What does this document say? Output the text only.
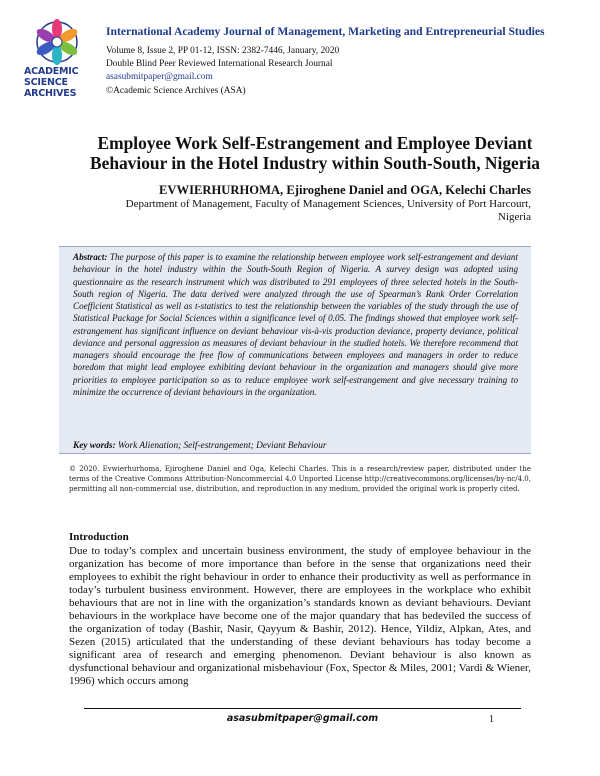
ACADEMIC
SCIENCE
ARCHIVES
International Academy Journal of Management, Marketing and Entrepreneurial Studies
Volume 8, Issue 2, PP 01-12, ISSN: 2382-7446, January, 2020
Double Blind Peer Reviewed International Research Journal
asasubmitpaper@gmail.com
©Academic Science Archives (ASA)
Employee Work Self-Estrangement and Employee Deviant
Behaviour in the Hotel Industry within South-South, Nigeria
EVWIERHURHOMA, Ejiroghene Daniel and OGA, Kelechi Charles
Department of Management, Faculty of Management Sciences, University of Port Harcourt,
Nigeria
Abstract: The purpose of this paper is to examine the relationship between employee work self-estrangement and deviant behaviour in the hotel industry within the South-South Region of Nigeria. A survey design was adopted using questionnaire as the research instrument which was distributed to 291 employees of three selected hotels in the South-South region of Nigeria. The data derived were analyzed through the use of Spearman’s Rank Order Correlation Coefficient Statistical as well as t-statistics to test the relationship between the variables of the study through the use of Statistical Package for Social Sciences within a significance level of 0.05. The findings showed that employee work self-estrangement has significant influence on deviant behaviour vis-à-vis production deviance, property deviance, political deviance and personal aggression as measures of deviant behaviour in the studied hotels. We therefore recommend that managers should encourage the free flow of communications between employees and managers in order to reduce boredom that might lead employee exhibiting deviant behaviour in the organization and managers should give more priorities to employee participation so as to reduce employee work self-estrangement and give necessary training to minimize the occurrence of deviant behaviours in the organization.
Key words: Work Alienation; Self-estrangement; Deviant Behaviour
© 2020. Evwierhurhoma, Ejiroghene Daniel and Oga, Kelechi Charles. This is a research/review paper, distributed under the terms of the Creative Commons Attribution-Noncommercial 4.0 Unported License http://creativecommons.org/licenses/by-nc/4.0, permitting all non-commercial use, distribution, and reproduction in any medium, provided the original work is properly cited.
Introduction
Due to today’s complex and uncertain business environment, the study of employee behaviour in the organization has become of more importance than before in the sense that organizations need their employees to exhibit the right behaviour in order to enhance their productivity as well as performance in today’s turbulent business environment. However, there are employees in the workplace who exhibit behaviours that are not in line with the organization’s standards known as deviant behaviours. Deviant behaviours in the workplace have become one of the major quandary that has bedeviled the success of the organization of today (Bashir, Nasir, Qayyum & Bashir, 2012). Hence, Yildiz, Alpkan, Ates, and Sezen (2015) articulated that the understanding of these deviant behaviours has today become a significant area of research and emerging phenomenon. Deviant behaviour is also known as dysfunctional behaviour and organizational misbehaviour (Fox, Spector & Miles, 2001; Vardi & Wiener, 1996) which occurs among
asasubmitpaper@gmail.com	1
